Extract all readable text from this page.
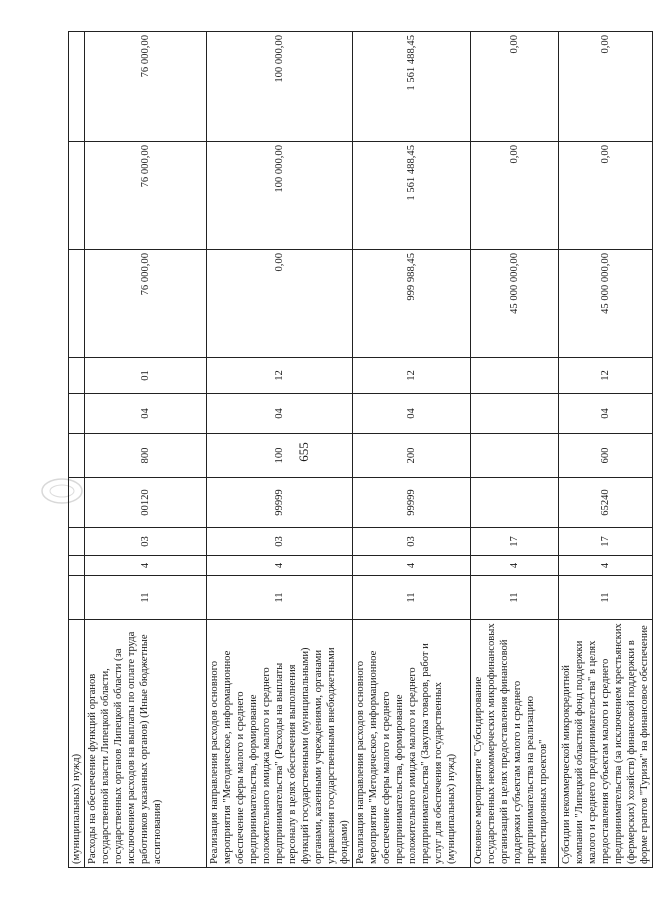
655
(муниципальных) нужд)										
Расходы на обеспечение функций органов государственной власти Липецкой области, государственных органов Липецкой области (за исключением расходов на выплаты по оплате труда работников указанных органов) (Иные бюджетные ассигнования)	11	4	03	00120	800	04	01	76 000,00	76 000,00	76 000,00
Реализация направления расходов основного мероприятия "Методическое, информационное обеспечение сферы малого и среднего предпринимательства, формирование положительного имиджа малого и среднего предпринимательства" (Расходы на выплаты персоналу в целях обеспечения выполнения функций государственными (муниципальными) органами, казенными учреждениями, органами управления государственными внебюджетными фондами)	11	4	03	99999	100	04	12	0,00	100 000,00	100 000,00
Реализация направления расходов основного мероприятия "Методическое, информационное обеспечение сферы малого и среднего предпринимательства, формирование положительного имиджа малого и среднего предпринимательства" (Закупка товаров, работ и услуг для обеспечения государственных (муниципальных) нужд)	11	4	03	99999	200	04	12	999 988,45	1 561 488,45	1 561 488,45
Основное мероприятие "Субсидирование государственных некоммерческих микрофинансовых организаций в целях предоставления финансовой поддержки субъектам малого и среднего предпринимательства на реализацию инвестиционных проектов"	11	4	17					45 000 000,00	0,00	0,00
Субсидии некоммерческой микрокредитной компании "Липецкий областной фонд поддержки малого и среднего предпринимательства" в целях предоставления субъектам малого и среднего предпринимательства (за исключением крестьянских (фермерских) хозяйств) финансовой поддержки в форме грантов "Туризм" на финансовое обеспечение	11	4	17	65240	600	04	12	45 000 000,00	0,00	0,00
